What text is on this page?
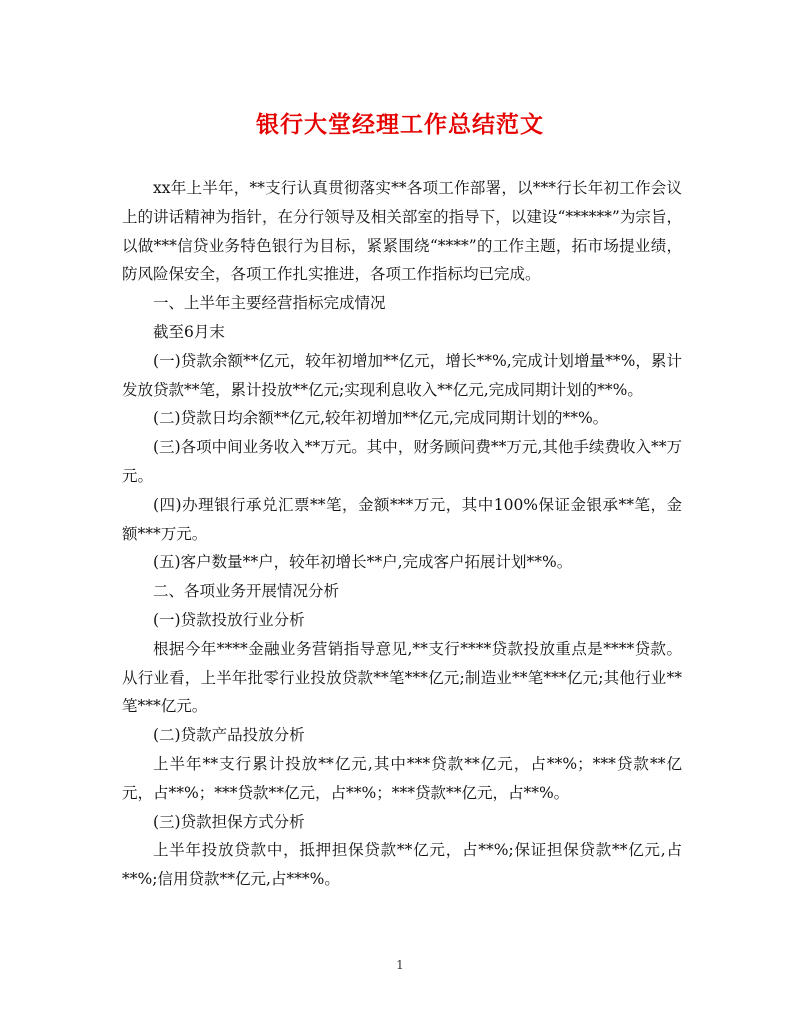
银行大堂经理工作总结范文

xx年上半年，**支行认真贯彻落实**各项工作部署，以***行长年初工作会议上的讲话精神为指针，在分行领导及相关部室的指导下，以建设“******”为宗旨，以做***信贷业务特色银行为目标，紧紧围绕“****”的工作主题，拓市场提业绩，防风险保安全，各项工作扎实推进，各项工作指标均已完成。

一、上半年主要经营指标完成情况

截至6月末

(一)贷款余额**亿元，较年初增加**亿元，增长**%,完成计划增量**%，累计发放贷款**笔，累计投放**亿元;实现利息收入**亿元,完成同期计划的**%。

(二)贷款日均余额**亿元,较年初增加**亿元,完成同期计划的**%。

(三)各项中间业务收入**万元。其中，财务顾问费**万元,其他手续费收入**万元。

(四)办理银行承兑汇票**笔，金额***万元，其中100%保证金银承**笔，金额***万元。

(五)客户数量**户，较年初增长**户,完成客户拓展计划**%。

二、各项业务开展情况分析

(一)贷款投放行业分析

根据今年****金融业务营销指导意见,**支行****贷款投放重点是****贷款。从行业看，上半年批零行业投放贷款**笔***亿元;制造业**笔***亿元;其他行业**笔***亿元。

(二)贷款产品投放分析

上半年**支行累计投放**亿元,其中***贷款**亿元，占**%；***贷款**亿元，占**%；***贷款**亿元，占**%；***贷款**亿元，占**%。

(三)贷款担保方式分析

上半年投放贷款中，抵押担保贷款**亿元，占**%;保证担保贷款**亿元,占**%;信用贷款**亿元,占***%。

1
